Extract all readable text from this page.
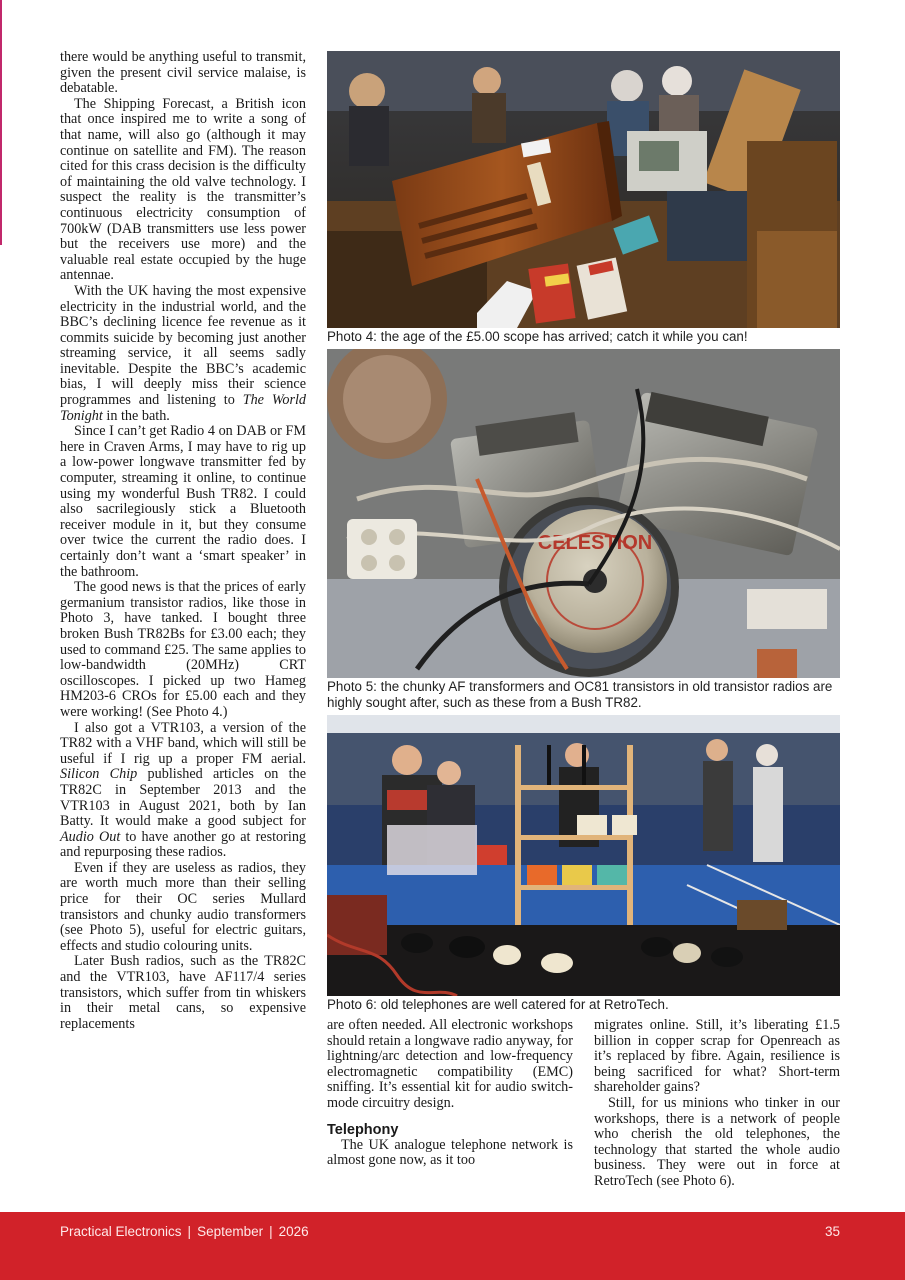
there would be anything useful to transmit, given the present civil service malaise, is debatable.

The Shipping Forecast, a British icon that once inspired me to write a song of that name, will also go (although it may continue on satellite and FM). The reason cited for this crass decision is the difficulty of maintaining the old valve technology. I suspect the reality is the transmitter’s continuous electricity consumption of 700kW (DAB transmitters use less power but the receivers use more) and the valuable real estate occupied by the huge antennae.

With the UK having the most expensive electricity in the industrial world, and the BBC’s declining licence fee revenue as it commits suicide by becoming just another streaming service, it all seems sadly inevitable. Despite the BBC’s academic bias, I will deeply miss their science programmes and listening to The World Tonight in the bath.

Since I can’t get Radio 4 on DAB or FM here in Craven Arms, I may have to rig up a low-power longwave transmitter fed by computer, streaming it online, to continue using my wonderful Bush TR82. I could also sacrilegiously stick a Bluetooth receiver module in it, but they consume over twice the current the radio does. I certainly don’t want a ‘smart speaker’ in the bathroom.

The good news is that the prices of early germanium transistor radios, like those in Photo 3, have tanked. I bought three broken Bush TR82Bs for £3.00 each; they used to command £25. The same applies to low-bandwidth (20MHz) CRT oscilloscopes. I picked up two Hameg HM203-6 CROs for £5.00 each and they were working! (See Photo 4.)

I also got a VTR103, a version of the TR82 with a VHF band, which will still be useful if I rig up a proper FM aerial. Silicon Chip published articles on the TR82C in September 2013 and the VTR103 in August 2021, both by Ian Batty. It would make a good subject for Audio Out to have another go at restoring and repurposing these radios.

Even if they are useless as radios, they are worth much more than their selling price for their OC series Mullard transistors and chunky audio transformers (see Photo 5), useful for electric guitars, effects and studio colouring units.

Later Bush radios, such as the TR82C and the VTR103, have AF117/4 series transistors, which suffer from tin whiskers in their metal cans, so expensive replacements

Photo 4: the age of the £5.00 scope has arrived; catch it while you can!
CELESTION
Photo 5: the chunky AF transformers and OC81 transistors in old transistor radios are highly sought after, such as these from a Bush TR82.
Photo 6: old telephones are well catered for at RetroTech.

are often needed. All electronic workshops should retain a longwave radio anyway, for lightning/arc detection and low-frequency electromagnetic compatibility (EMC) sniffing. It’s essential kit for audio switch-mode circuitry design.

Telephony

The UK analogue telephone network is almost gone now, as it too

migrates online. Still, it’s liberating £1.5 billion in copper scrap for Openreach as it’s replaced by fibre. Again, resilience is being sacrificed for what? Short-term shareholder gains?

Still, for us minions who tinker in our workshops, there is a network of people who cherish the old telephones, the technology that started the whole audio business. They were out in force at RetroTech (see Photo 6).

Practical Electronics | September | 2026	35
